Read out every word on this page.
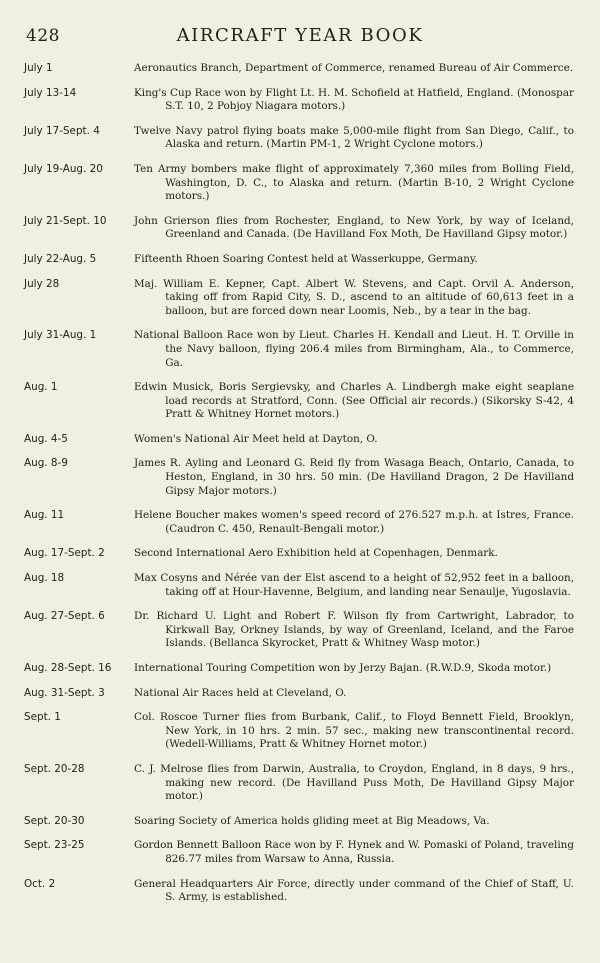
428	AIRCRAFT YEAR BOOK
July 1	Aeronautics Branch, Department of Commerce, renamed Bureau of Air Commerce.
July 13-14	King's Cup Race won by Flight Lt. H. M. Schofield at Hatfield, England. (Monospar S.T. 10, 2 Pobjoy Niagara motors.)
July 17-Sept. 4	Twelve Navy patrol flying boats make 5,000-mile flight from San Diego, Calif., to Alaska and return. (Martin PM-1, 2 Wright Cyclone motors.)
July 19-Aug. 20	Ten Army bombers make flight of approximately 7,360 miles from Bolling Field, Washington, D. C., to Alaska and return. (Martin B-10, 2 Wright Cyclone motors.)
July 21-Sept. 10	John Grierson flies from Rochester, England, to New York, by way of Iceland, Greenland and Canada. (De Havilland Fox Moth, De Havilland Gipsy motor.)
July 22-Aug. 5	Fifteenth Rhoen Soaring Contest held at Wasserkuppe, Germany.
July 28	Maj. William E. Kepner, Capt. Albert W. Stevens, and Capt. Orvil A. Anderson, taking off from Rapid City, S. D., ascend to an altitude of 60,613 feet in a balloon, but are forced down near Loomis, Neb., by a tear in the bag.
July 31-Aug. 1	National Balloon Race won by Lieut. Charles H. Kendall and Lieut. H. T. Orville in the Navy balloon, flying 206.4 miles from Birmingham, Ala., to Commerce, Ga.
Aug. 1	Edwin Musick, Boris Sergievsky, and Charles A. Lindbergh make eight seaplane load records at Stratford, Conn. (See Official air records.) (Sikorsky S-42, 4 Pratt & Whitney Hornet motors.)
Aug. 4-5	Women's National Air Meet held at Dayton, O.
Aug. 8-9	James R. Ayling and Leonard G. Reid fly from Wasaga Beach, Ontario, Canada, to Heston, England, in 30 hrs. 50 min. (De Havilland Dragon, 2 De Havilland Gipsy Major motors.)
Aug. 11	Helene Boucher makes women's speed record of 276.527 m.p.h. at Istres, France. (Caudron C. 450, Renault-Bengali motor.)
Aug. 17-Sept. 2	Second International Aero Exhibition held at Copenhagen, Denmark.
Aug. 18	Max Cosyns and Nérée van der Elst ascend to a height of 52,952 feet in a balloon, taking off at Hour-Havenne, Belgium, and landing near Senaulje, Yugoslavia.
Aug. 27-Sept. 6	Dr. Richard U. Light and Robert F. Wilson fly from Cartwright, Labrador, to Kirkwall Bay, Orkney Islands, by way of Greenland, Iceland, and the Faroe Islands. (Bellanca Skyrocket, Pratt & Whitney Wasp motor.)
Aug. 28-Sept. 16	International Touring Competition won by Jerzy Bajan. (R.W.D.9, Skoda motor.)
Aug. 31-Sept. 3	National Air Races held at Cleveland, O.
Sept. 1	Col. Roscoe Turner flies from Burbank, Calif., to Floyd Bennett Field, Brooklyn, New York, in 10 hrs. 2 min. 57 sec., making new transcontinental record. (Wedell-Williams, Pratt & Whitney Hornet motor.)
Sept. 20-28	C. J. Melrose flies from Darwin, Australia, to Croydon, England, in 8 days, 9 hrs., making new record. (De Havilland Puss Moth, De Havilland Gipsy Major motor.)
Sept. 20-30	Soaring Society of America holds gliding meet at Big Meadows, Va.
Sept. 23-25	Gordon Bennett Balloon Race won by F. Hynek and W. Pomaski of Poland, traveling 826.77 miles from Warsaw to Anna, Russia.
Oct. 2	General Headquarters Air Force, directly under command of the Chief of Staff, U. S. Army, is established.
